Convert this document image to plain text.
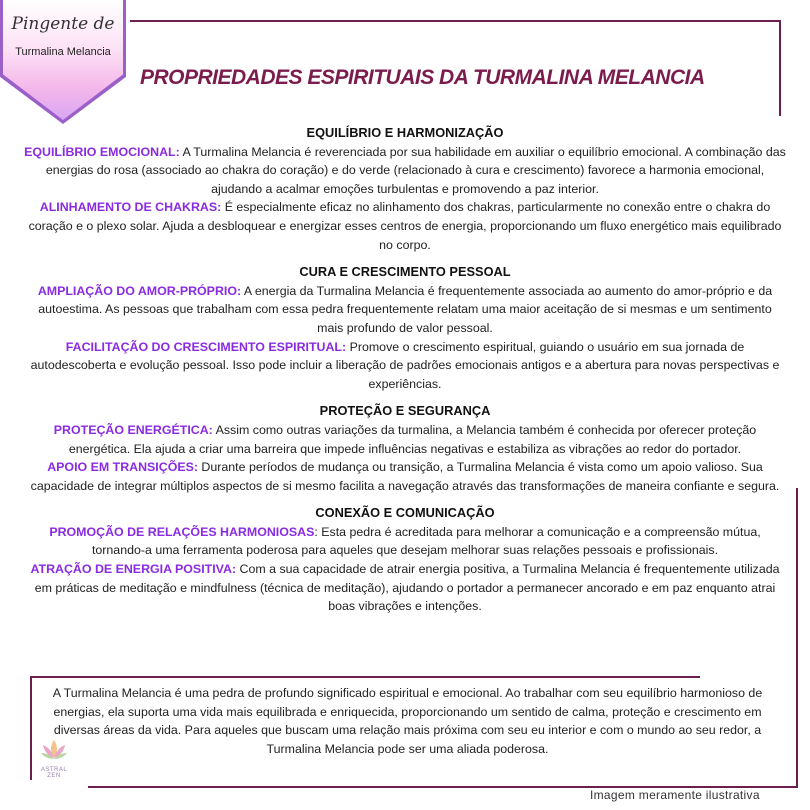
Pingente de
Turmalina Melancia
PROPRIEDADES ESPIRITUAIS DA TURMALINA MELANCIA
EQUILÍBRIO E HARMONIZAÇÃO

EQUILÍBRIO EMOCIONAL: A Turmalina Melancia é reverenciada por sua habilidade em auxiliar o equilíbrio emocional. A combinação das energias do rosa (associado ao chakra do coração) e do verde (relacionado à cura e crescimento) favorece a harmonia emocional, ajudando a acalmar emoções turbulentas e promovendo a paz interior.

ALINHAMENTO DE CHAKRAS: É especialmente eficaz no alinhamento dos chakras, particularmente no conexão entre o chakra do coração e o plexo solar. Ajuda a desbloquear e energizar esses centros de energia, proporcionando um fluxo energético mais equilibrado no corpo.

CURA E CRESCIMENTO PESSOAL

AMPLIAÇÃO DO AMOR-PRÓPRIO: A energia da Turmalina Melancia é frequentemente associada ao aumento do amor-próprio e da autoestima. As pessoas que trabalham com essa pedra frequentemente relatam uma maior aceitação de si mesmas e um sentimento mais profundo de valor pessoal.

FACILITAÇÃO DO CRESCIMENTO ESPIRITUAL: Promove o crescimento espiritual, guiando o usuário em sua jornada de autodescoberta e evolução pessoal. Isso pode incluir a liberação de padrões emocionais antigos e a abertura para novas perspectivas e experiências.

PROTEÇÃO E SEGURANÇA

PROTEÇÃO ENERGÉTICA: Assim como outras variações da turmalina, a Melancia também é conhecida por oferecer proteção energética. Ela ajuda a criar uma barreira que impede influências negativas e estabiliza as vibrações ao redor do portador.

APOIO EM TRANSIÇÕES: Durante períodos de mudança ou transição, a Turmalina Melancia é vista como um apoio valioso. Sua capacidade de integrar múltiplos aspectos de si mesmo facilita a navegação através das transformações de maneira confiante e segura.

CONEXÃO E COMUNICAÇÃO

PROMOÇÃO DE RELAÇÕES HARMONIOSAS: Esta pedra é acreditada para melhorar a comunicação e a compreensão mútua, tornando-a uma ferramenta poderosa para aqueles que desejam melhorar suas relações pessoais e profissionais.

ATRAÇÃO DE ENERGIA POSITIVA: Com a sua capacidade de atrair energia positiva, a Turmalina Melancia é frequentemente utilizada em práticas de meditação e mindfulness (técnica de meditação), ajudando o portador a permanecer ancorado e em paz enquanto atrai boas vibrações e intenções.

A Turmalina Melancia é uma pedra de profundo significado espiritual e emocional. Ao trabalhar com seu equilíbrio harmonioso de energias, ela suporta uma vida mais equilibrada e enriquecida, proporcionando um sentido de calma, proteção e crescimento em diversas áreas da vida. Para aqueles que buscam uma relação mais próxima com seu eu interior e com o mundo ao seu redor, a Turmalina Melancia pode ser uma aliada poderosa.
ASTRAL ZEN
Imagem meramente ilustrativa
